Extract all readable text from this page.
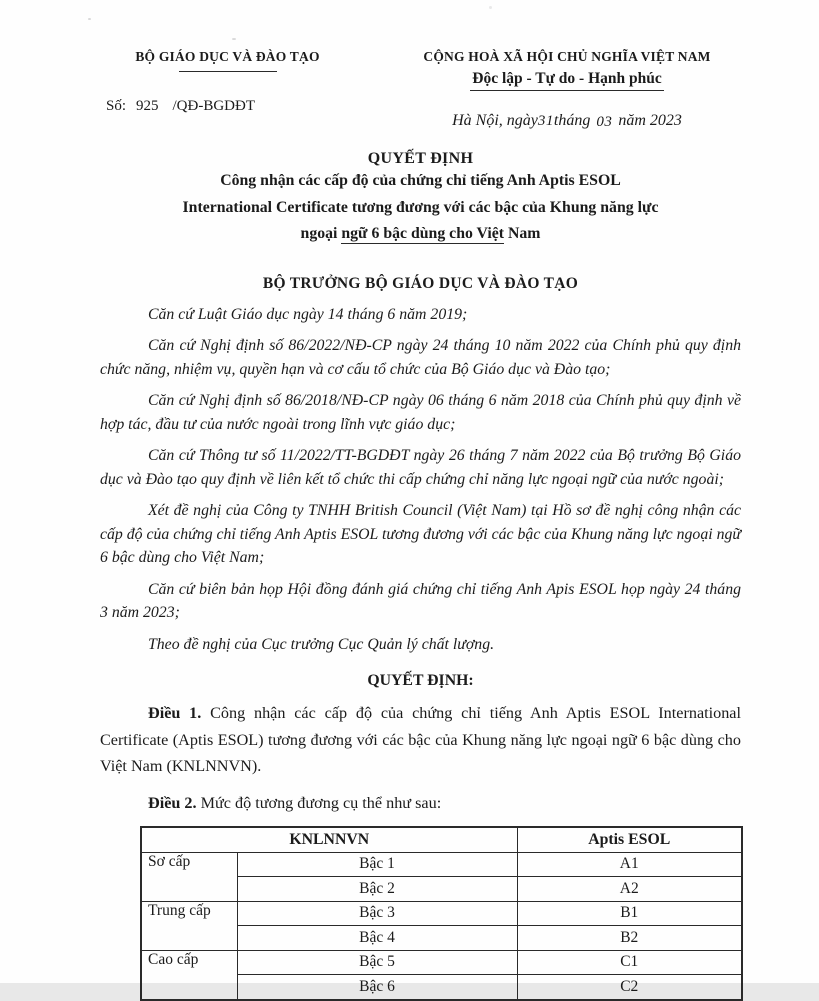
BỘ GIÁO DỤC VÀ ĐÀO TẠO
Số: 925 /QĐ-BGDĐT
CỘNG HOÀ XÃ HỘI CHỦ NGHĨA VIỆT NAM
Độc lập - Tự do - Hạnh phúc
Hà Nội, ngày31tháng 03 năm 2023
QUYẾT ĐỊNH
Công nhận các cấp độ của chứng chỉ tiếng Anh Aptis ESOL
International Certificate tương đương với các bậc của Khung năng lực
ngoại ngữ 6 bậc dùng cho Việt Nam
BỘ TRƯỞNG BỘ GIÁO DỤC VÀ ĐÀO TẠO

Căn cứ Luật Giáo dục ngày 14 tháng 6 năm 2019;

Căn cứ Nghị định số 86/2022/NĐ-CP ngày 24 tháng 10 năm 2022 của Chính phủ quy định chức năng, nhiệm vụ, quyền hạn và cơ cấu tổ chức của Bộ Giáo dục và Đào tạo;

Căn cứ Nghị định số 86/2018/NĐ-CP ngày 06 tháng 6 năm 2018 của Chính phủ quy định về hợp tác, đầu tư của nước ngoài trong lĩnh vực giáo dục;

Căn cứ Thông tư số 11/2022/TT-BGDĐT ngày 26 tháng 7 năm 2022 của Bộ trưởng Bộ Giáo dục và Đào tạo quy định về liên kết tổ chức thi cấp chứng chỉ năng lực ngoại ngữ của nước ngoài;

Xét đề nghị của Công ty TNHH British Council (Việt Nam) tại Hồ sơ đề nghị công nhận các cấp độ của chứng chỉ tiếng Anh Aptis ESOL tương đương với các bậc của Khung năng lực ngoại ngữ 6 bậc dùng cho Việt Nam;

Căn cứ biên bản họp Hội đồng đánh giá chứng chỉ tiếng Anh Apis ESOL họp ngày 24 tháng 3 năm 2023;

Theo đề nghị của Cục trưởng Cục Quản lý chất lượng.

QUYẾT ĐỊNH:

Điều 1. Công nhận các cấp độ của chứng chỉ tiếng Anh Aptis ESOL International Certificate (Aptis ESOL) tương đương với các bậc của Khung năng lực ngoại ngữ 6 bậc dùng cho Việt Nam (KNLNNVN).

Điều 2. Mức độ tương đương cụ thể như sau:

KNLNNVN		Aptis ESOL
Sơ cấp	Bậc 1	A1
	Bậc 2	A2
Trung cấp	Bậc 3	B1
	Bậc 4	B2
Cao cấp	Bậc 5	C1
	Bậc 6	C2
